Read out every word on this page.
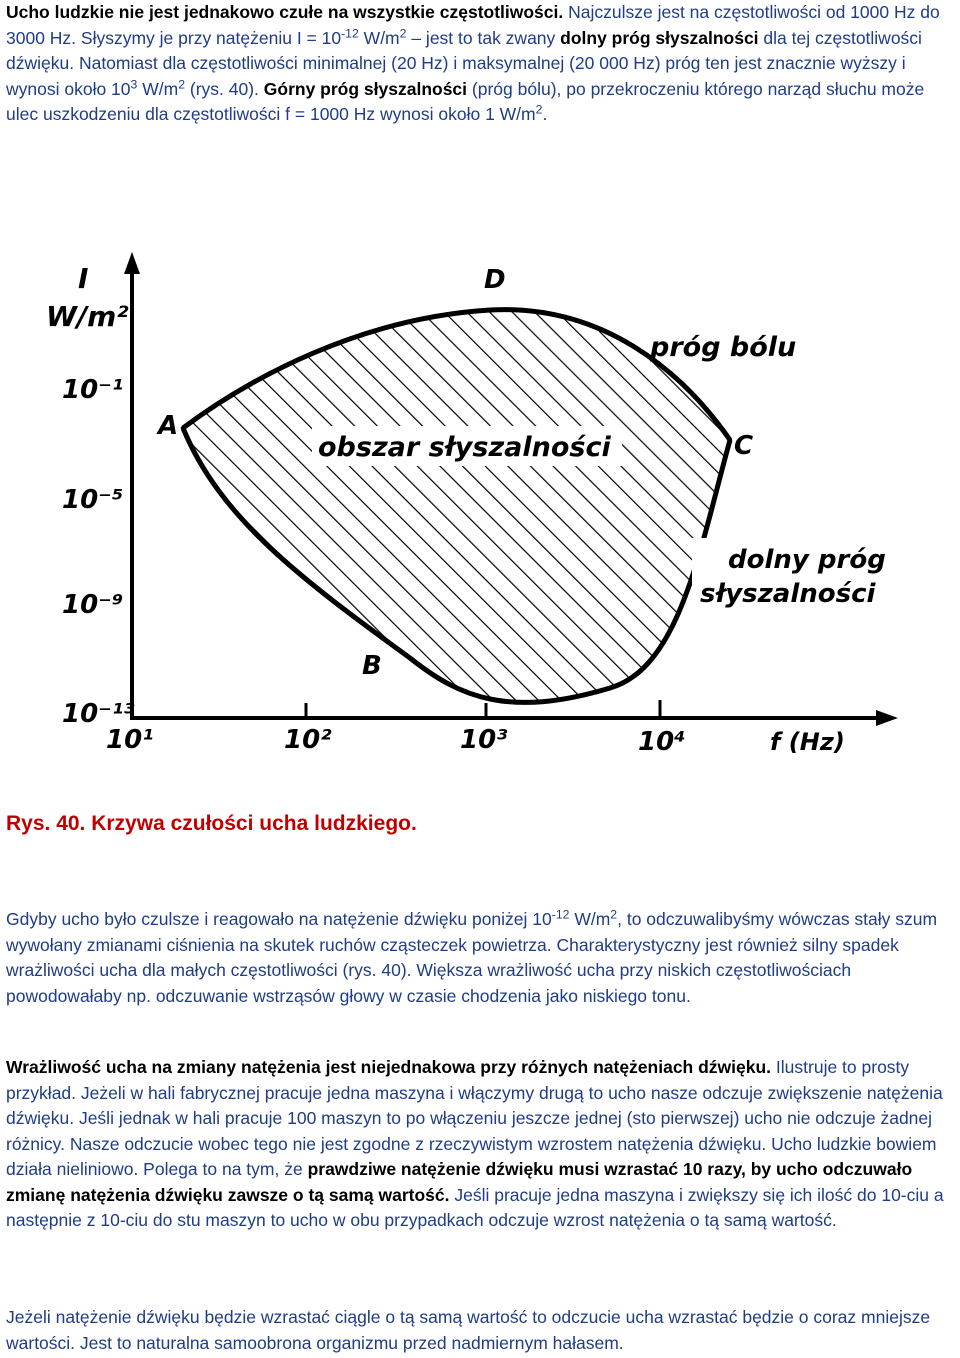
Ucho ludzkie nie jest jednakowo czułe na wszystkie częstotliwości. Najczulsze jest na częstotliwości od 1000 Hz do 3000 Hz. Słyszymy je przy natężeniu $I = 10^{-12}$ $W/m^2$ – jest to tak zwany dolny próg słyszalności dla tej częstotliwości dźwięku. Natomiast dla częstotliwości minimalnej (20 Hz) i maksymalnej (20 000 Hz) próg ten jest znacznie wyższy i wynosi około $10^3$ $W/m^2$ (rys. 40). Górny próg słyszalności (próg bólu), po przekroczeniu którego narząd słuchu może ulec uszkodzeniu dla częstotliwości f = 1000 Hz wynosi około 1 $W/m^2$.

obszar słyszalności
I
W/m²
10⁻¹
10⁻⁵
10⁻⁹
10⁻¹³
10¹	10²	10³	10⁴	f (Hz)
A
D
C
B
próg bólu
dolny próg
słyszalności

Rys. 40. Krzywa czułości ucha ludzkiego.

Gdyby ucho było czulsze i reagowało na natężenie dźwięku poniżej $10^{-12}$ $W/m^2$, to odczuwalibyśmy wówczas stały szum wywołany zmianami ciśnienia na skutek ruchów cząsteczek powietrza. Charakterystyczny jest również silny spadek wrażliwości ucha dla małych częstotliwości (rys. 40). Większa wrażliwość ucha przy niskich częstotliwościach powodowałaby np. odczuwanie wstrząsów głowy w czasie chodzenia jako niskiego tonu.

Wrażliwość ucha na zmiany natężenia jest niejednakowa przy różnych natężeniach dźwięku. Ilustruje to prosty przykład. Jeżeli w hali fabrycznej pracuje jedna maszyna i włączymy drugą to ucho nasze odczuje zwiększenie natężenia dźwięku. Jeśli jednak w hali pracuje 100 maszyn to po włączeniu jeszcze jednej (sto pierwszej) ucho nie odczuje żadnej różnicy. Nasze odczucie wobec tego nie jest zgodne z rzeczywistym wzrostem natężenia dźwięku. Ucho ludzkie bowiem działa nieliniowo. Polega to na tym, że prawdziwe natężenie dźwięku musi wzrastać 10 razy, by ucho odczuwało zmianę natężenia dźwięku zawsze o tą samą wartość. Jeśli pracuje jedna maszyna i zwiększy się ich ilość do 10-ciu a następnie z 10-ciu do stu maszyn to ucho w obu przypadkach odczuje wzrost natężenia o tą samą wartość.

Jeżeli natężenie dźwięku będzie wzrastać ciągle o tą samą wartość to odczucie ucha wzrastać będzie o coraz mniejsze wartości. Jest to naturalna samoobrona organizmu przed nadmiernym hałasem.
